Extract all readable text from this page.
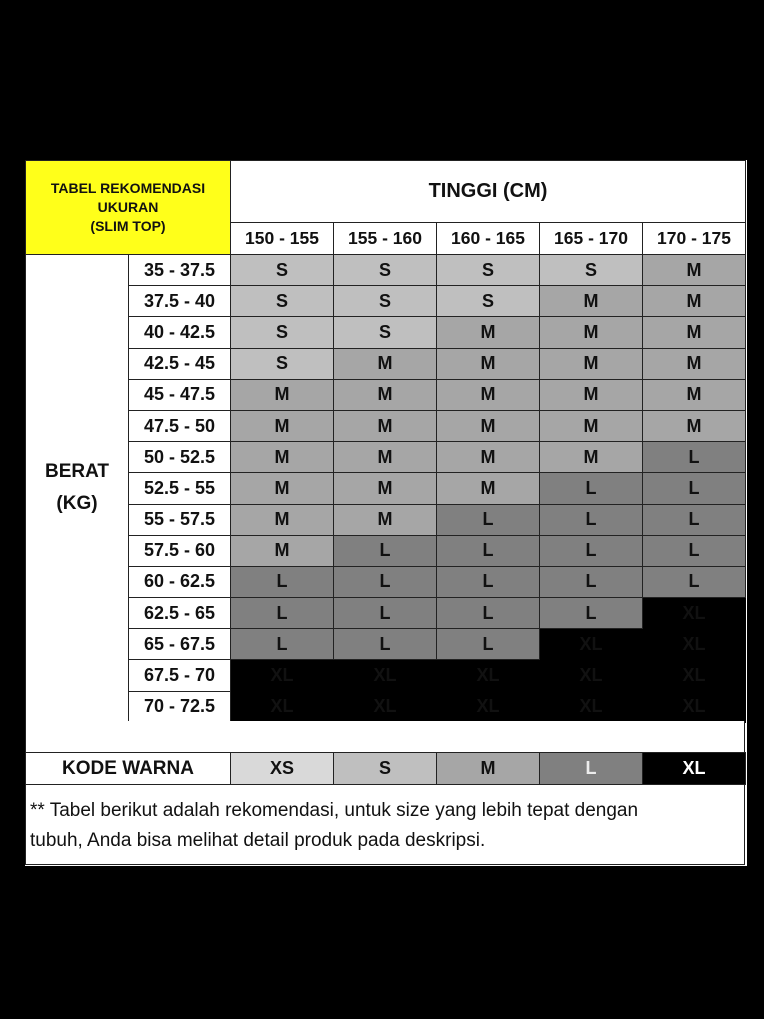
TABEL REKOMENDASI
UKURAN
(SLIM TOP)
TINGGI (CM)
150 - 155	155 - 160	160 - 165	165 - 170	170 - 175
BERAT
(KG)
35 - 37.5	S	S	S	S	M
37.5 - 40	S	S	S	M	M
40 - 42.5	S	S	M	M	M
42.5 - 45	S	M	M	M	M
45 - 47.5	M	M	M	M	M
47.5 - 50	M	M	M	M	M
50 - 52.5	M	M	M	M	L
52.5 - 55	M	M	M	L	L
55 - 57.5	M	M	L	L	L
57.5 - 60	M	L	L	L	L
60 - 62.5	L	L	L	L	L
62.5 - 65	L	L	L	L	XL
65 - 67.5	L	L	L	XL	XL
67.5 - 70	XL	XL	XL	XL	XL
70 - 72.5	XL	XL	XL	XL	XL
KODE WARNA	XS	S	M	L	XL
** Tabel berikut adalah rekomendasi, untuk size yang lebih tepat dengan
tubuh, Anda bisa melihat detail produk pada deskripsi.
